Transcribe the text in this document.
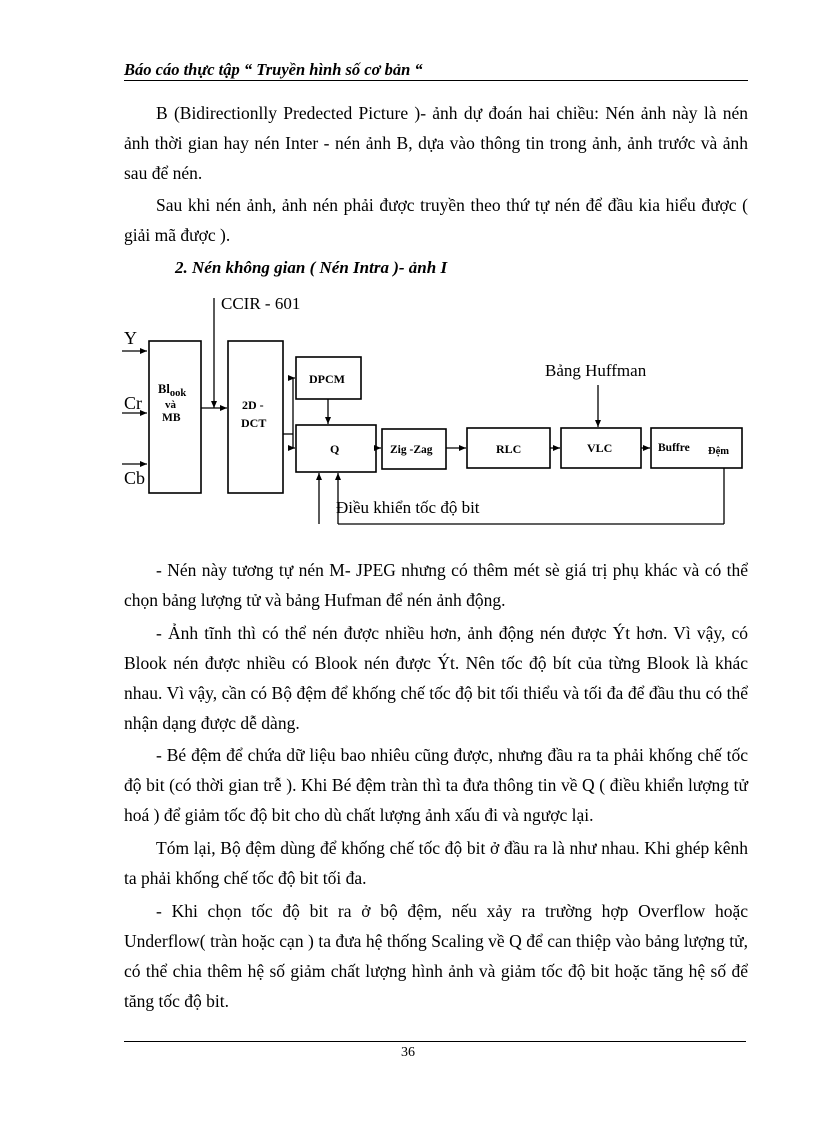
Báo cáo thực tập “ Truyền hình số cơ bản “

B (Bidirectionlly Predected Picture )- ảnh dự đoán hai chiều: Nén ảnh này là nén ảnh thời gian hay nén Inter - nén ảnh B, dựa vào thông tin trong ảnh, ảnh trước và ảnh sau để nén.

Sau khi nén ảnh, ảnh nén phải được truyền theo thứ tự nén để đầu kia hiểu được ( giải mã được ).

2. Nén không gian ( Nén Intra )- ảnh I

Y
Cr
Cb
CCIR - 601
Bảng Huffman
Điều khiển tốc độ bit
$Bl_{ook}$
và
MB
2D -
DCT
DPCM
Q	Zig -Zag	RLC	VLC	Buffre Đệm

- Nén này tương tự nén M- JPEG nhưng có thêm mét sè giá trị phụ khác và có thể chọn bảng lượng tử và bảng Hufman để nén ảnh động.

- Ảnh tĩnh thì có thể nén được nhiều hơn, ảnh động nén được Ýt hơn. Vì vậy, có Blook nén được nhiều có Blook nén được Ýt. Nên tốc độ bít của từng Blook là khác nhau. Vì vậy, cần có Bộ đệm để khống chế tốc độ bit tối thiểu và tối đa để đầu thu có thể nhận dạng được dễ dàng.

- Bé đệm để chứa dữ liệu bao nhiêu cũng được, nhưng đầu ra ta phải khống chế tốc độ bit (có thời gian trễ ). Khi Bé đệm tràn thì ta đưa thông tin về Q ( điều khiển lượng tử hoá ) để giảm tốc độ bit cho dù chất lượng ảnh xấu đi và ngược lại.

Tóm lại, Bộ đệm dùng để khống chế tốc độ bit ở đầu ra là như nhau. Khi ghép kênh ta phải khống chế tốc độ bit tối đa.

- Khi chọn tốc độ bit ra ở bộ đệm, nếu xảy ra trường hợp Overflow hoặc Underflow( tràn hoặc cạn ) ta đưa hệ thống Scaling về Q để can thiệp vào bảng lượng tử, có thể chia thêm hệ số giảm chất lượng hình ảnh và giảm tốc độ bit hoặc tăng hệ số để tăng tốc độ bit.

36
